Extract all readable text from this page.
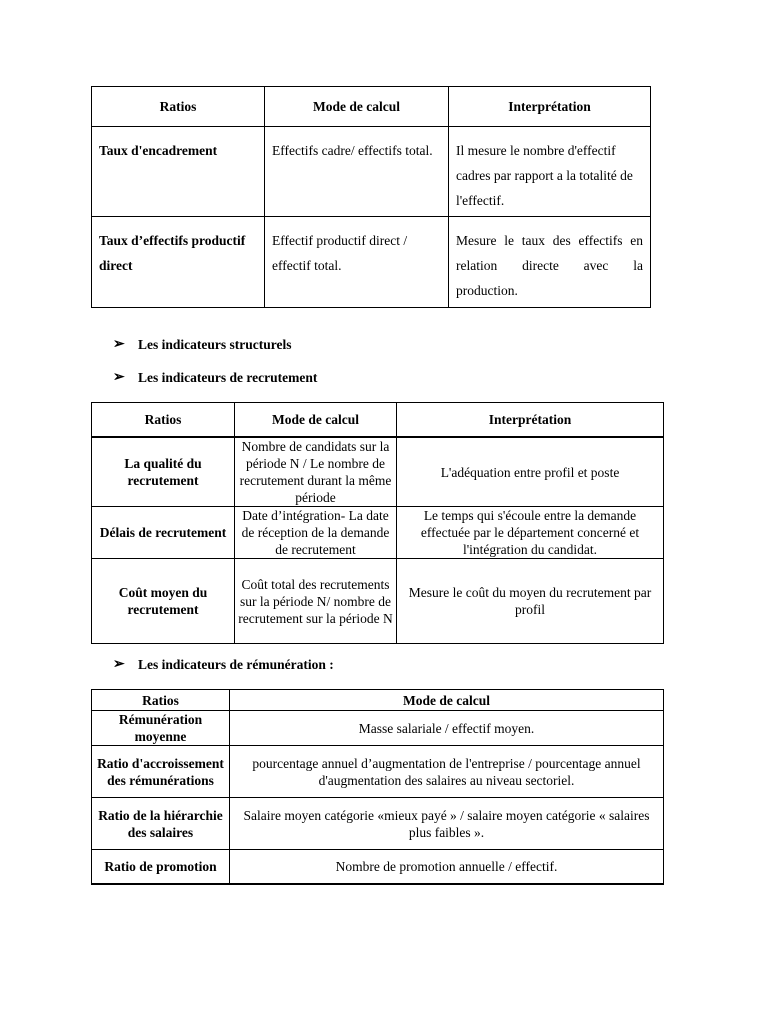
Ratios	Mode de calcul	Interprétation
Taux d'encadrement	Effectifs cadre/ effectifs total.	Il mesure le nombre d'effectif cadres par rapport a la totalité de l'effectif.
Taux d’effectifs productif direct	Effectif productif direct / effectif total.	Mesure le taux des effectifs en relation directe avec la production.
➢ Les indicateurs structurels
➢ Les indicateurs de recrutement
Ratios	Mode de calcul	Interprétation
La qualité du recrutement	Nombre de candidats sur la période N / Le nombre de recrutement durant la même période	L'adéquation entre profil et poste
Délais de recrutement	Date d’intégration- La date de réception de la demande de recrutement	Le temps qui s'écoule entre la demande effectuée par le département concerné et l'intégration du candidat.
Coût moyen du recrutement	Coût total des recrutements sur la période N/ nombre de recrutement sur la période N	Mesure le coût du moyen du recrutement par profil
➢ Les indicateurs de rémunération :
Ratios	Mode de calcul
Rémunération moyenne	Masse salariale / effectif moyen.
Ratio d'accroissement des rémunérations	pourcentage annuel d’augmentation de l'entreprise / pourcentage annuel d'augmentation des salaires au niveau sectoriel.
Ratio de la hiérarchie des salaires	Salaire moyen catégorie «mieux payé » / salaire moyen catégorie « salaires plus faibles ».
Ratio de promotion	Nombre de promotion annuelle / effectif.
